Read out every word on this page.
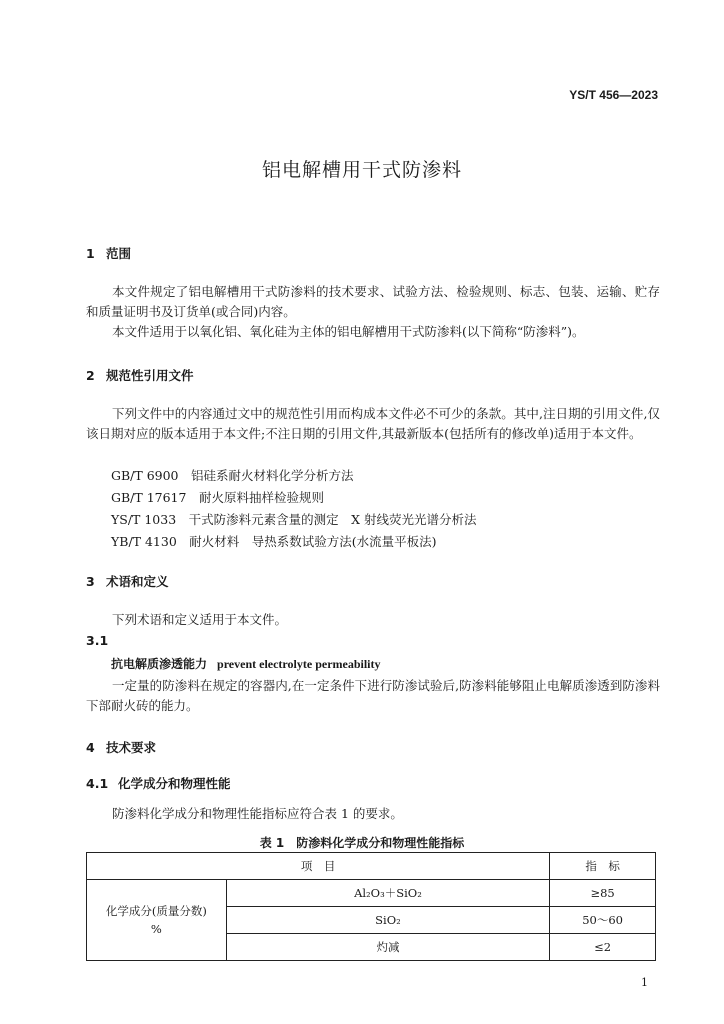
YS/T 456—2023
铝电解槽用干式防渗料
1 范围
本文件规定了铝电解槽用干式防渗料的技术要求、试验方法、检验规则、标志、包装、运输、贮存和质量证明书及订货单(或合同)内容。
本文件适用于以氧化铝、氧化硅为主体的铝电解槽用干式防渗料(以下简称“防渗料”)。
2 规范性引用文件
下列文件中的内容通过文中的规范性引用而构成本文件必不可少的条款。其中,注日期的引用文件,仅该日期对应的版本适用于本文件;不注日期的引用文件,其最新版本(包括所有的修改单)适用于本文件。
GB/T 6900　铝硅系耐火材料化学分析方法
GB/T 17617　耐火原料抽样检验规则
YS/T 1033　干式防渗料元素含量的测定　X 射线荧光光谱分析法
YB/T 4130　耐火材料　导热系数试验方法(水流量平板法)
3 术语和定义
下列术语和定义适用于本文件。
3.1
抗电解质渗透能力 prevent electrolyte permeability
一定量的防渗料在规定的容器内,在一定条件下进行防渗试验后,防渗料能够阻止电解质渗透到防渗料下部耐火砖的能力。
4 技术要求
4.1 化学成分和物理性能
防渗料化学成分和物理性能指标应符合表 1 的要求。
表 1 防渗料化学成分和物理性能指标
项　目		指　标

化学成分(质量分数)
%	Al₂O₃＋SiO₂	≥85
	SiO₂	50～60
	灼减	≤2
1
